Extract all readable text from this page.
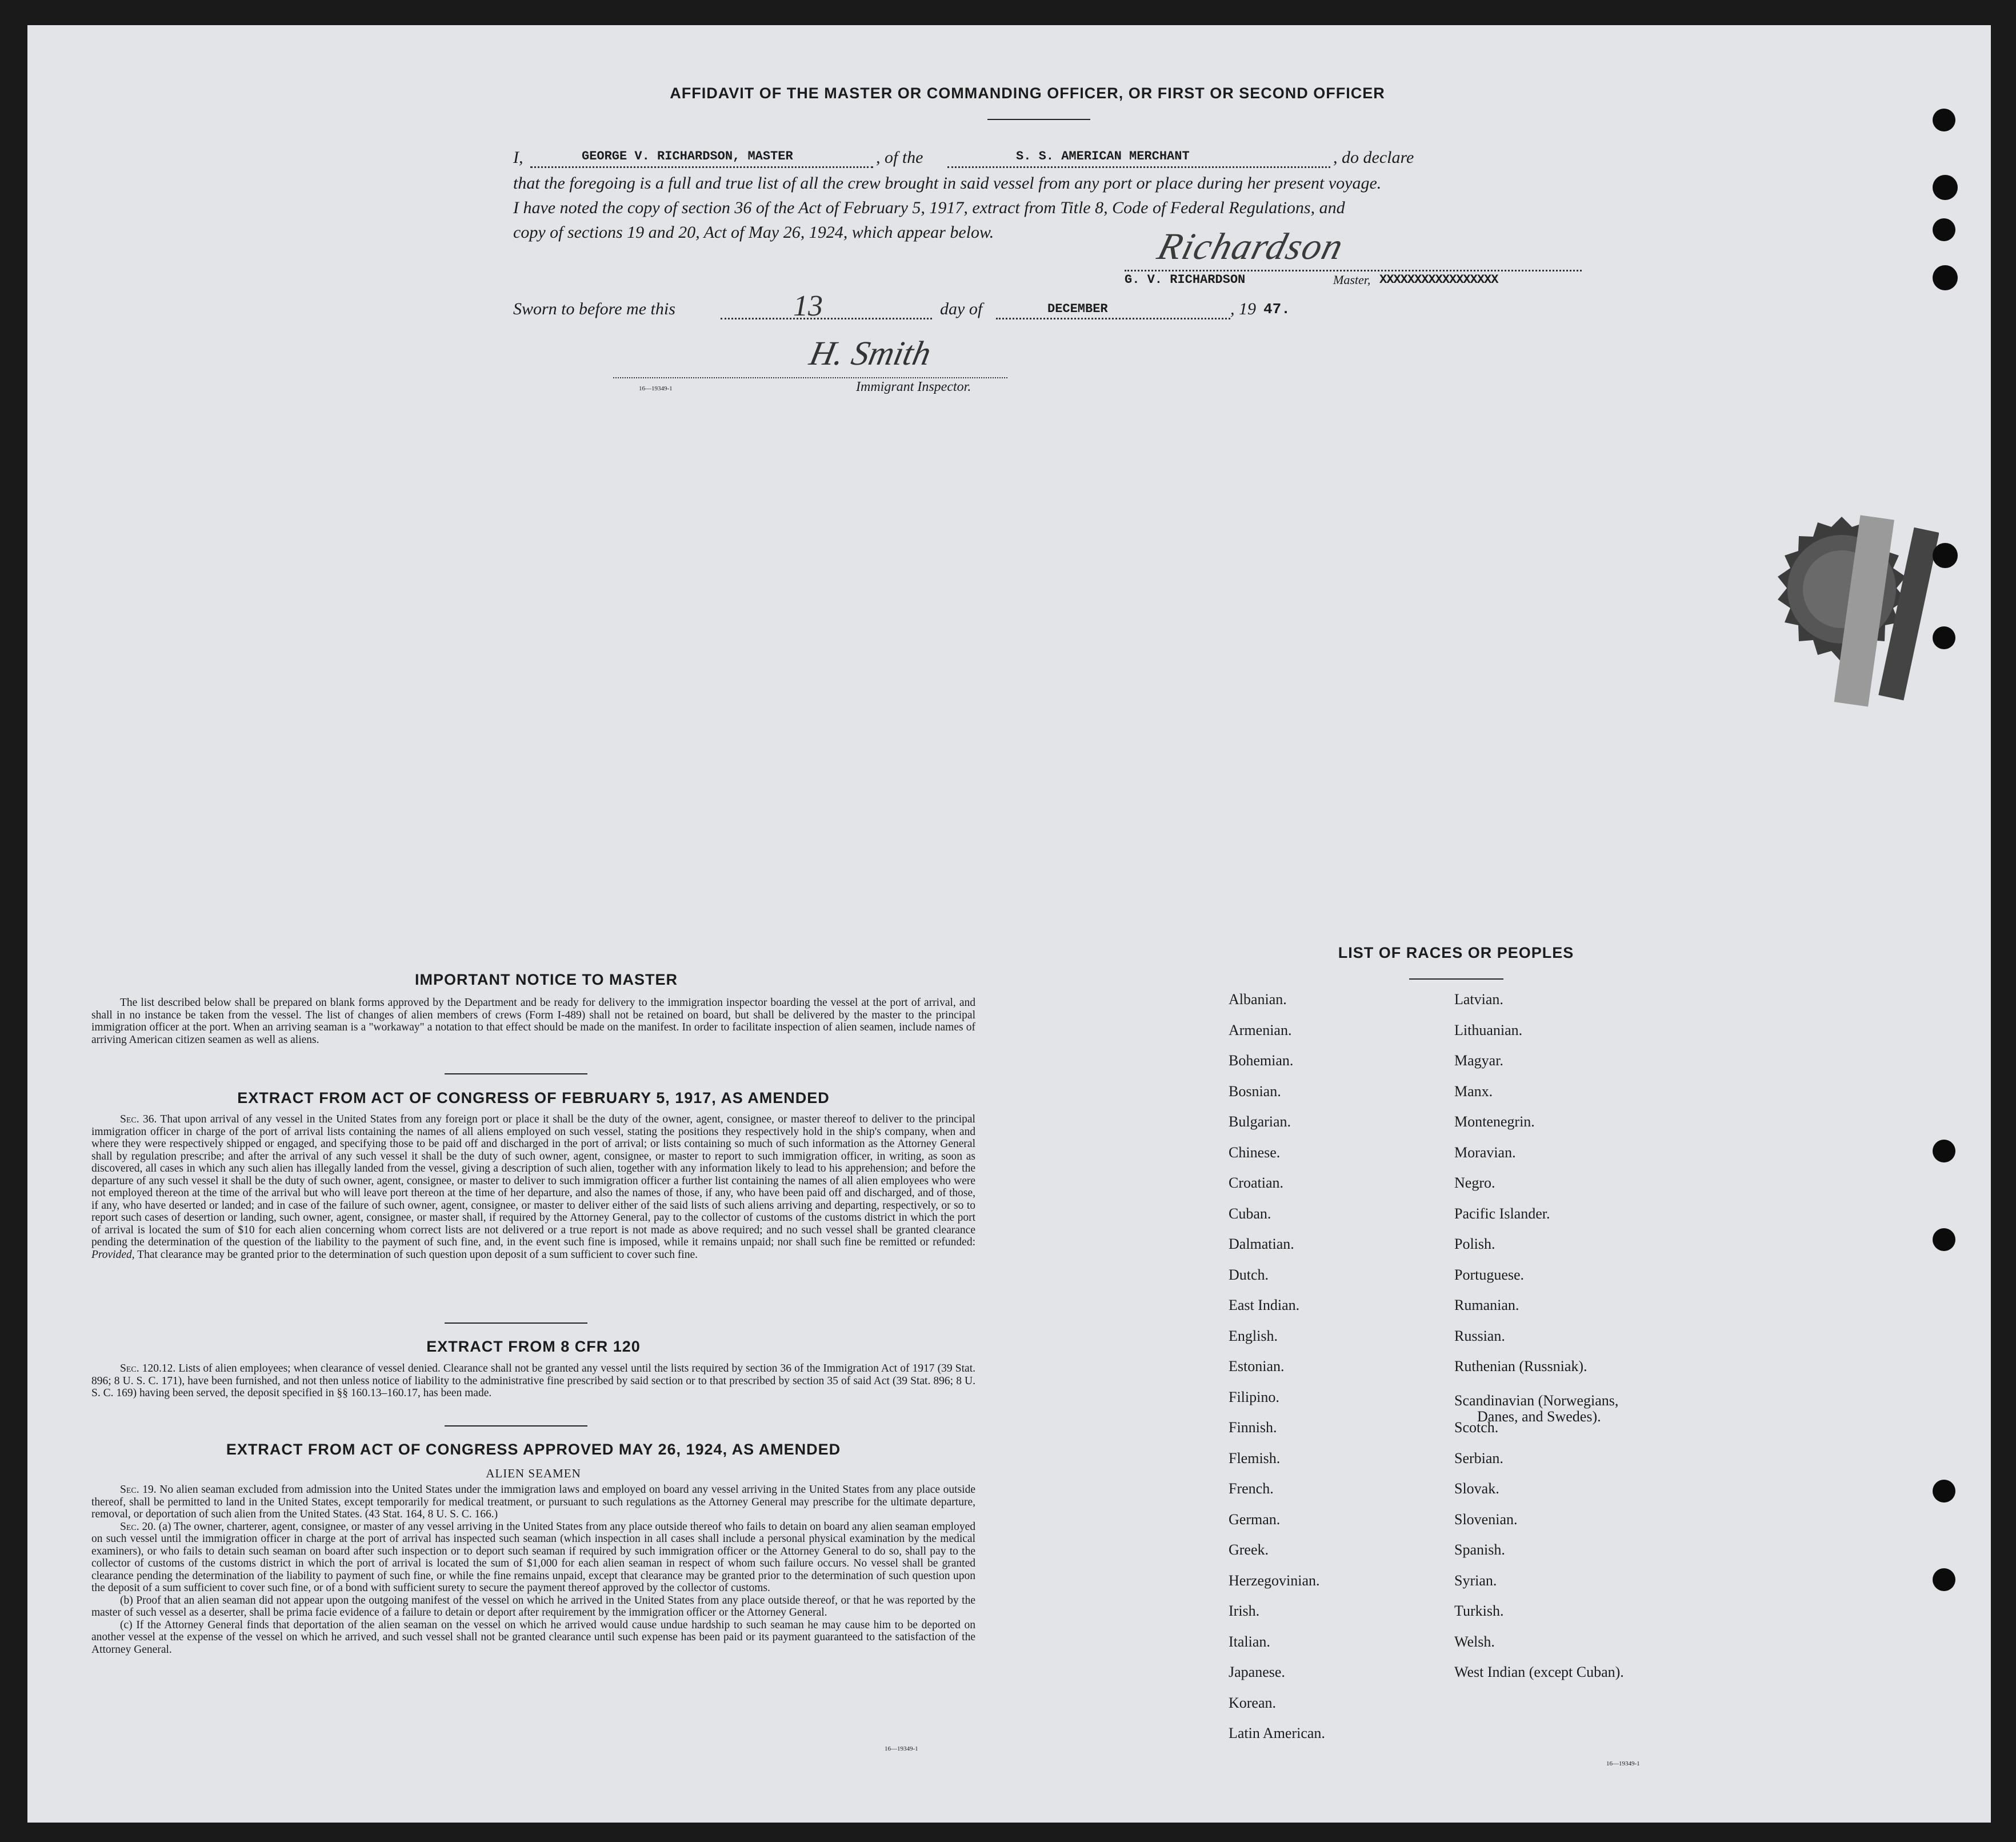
AFFIDAVIT OF THE MASTER OR COMMANDING OFFICER, OR FIRST OR SECOND OFFICER
I,	GEORGE V. RICHARDSON, MASTER	, of the	S. S. AMERICAN MERCHANT	, do declare
that the foregoing is a full and true list of all the crew brought in said vessel from any port or place during her present voyage.
I have noted the copy of section 36 of the Act of February 5, 1917, extract from Title 8, Code of Federal Regulations, and
copy of sections 19 and 20, Act of May 26, 1924, which appear below.	Richardson
G. V. RICHARDSON	Master, XXXXXXXXXXXXXXXXX
Sworn to before me this	13	day of	DECEMBER	, 19 47.
H. Smith
Immigrant Inspector.
16—19349-1
IMPORTANT NOTICE TO MASTER
The list described below shall be prepared on blank forms approved by the Department and be ready for delivery to the immigration inspector boarding the vessel at the port of arrival, and shall in no instance be taken from the vessel. The list of changes of alien members of crews (Form I-489) shall not be retained on board, but shall be delivered by the master to the principal immigration officer at the port. When an arriving seaman is a "workaway" a notation to that effect should be made on the manifest. In order to facilitate inspection of alien seamen, include names of arriving American citizen seamen as well as aliens.
EXTRACT FROM ACT OF CONGRESS OF FEBRUARY 5, 1917, AS AMENDED
Sec. 36. That upon arrival of any vessel in the United States from any foreign port or place it shall be the duty of the owner, agent, consignee, or master thereof to deliver to the principal immigration officer in charge of the port of arrival lists containing the names of all aliens employed on such vessel, stating the positions they respectively hold in the ship's company, when and where they were respectively shipped or engaged, and specifying those to be paid off and discharged in the port of arrival; or lists containing so much of such information as the Attorney General shall by regulation prescribe; and after the arrival of any such vessel it shall be the duty of such owner, agent, consignee, or master to report to such immigration officer, in writing, as soon as discovered, all cases in which any such alien has illegally landed from the vessel, giving a description of such alien, together with any information likely to lead to his apprehension; and before the departure of any such vessel it shall be the duty of such owner, agent, consignee, or master to deliver to such immigration officer a further list containing the names of all alien employees who were not employed thereon at the time of the arrival but who will leave port thereon at the time of her departure, and also the names of those, if any, who have been paid off and discharged, and of those, if any, who have deserted or landed; and in case of the failure of such owner, agent, consignee, or master to deliver either of the said lists of such aliens arriving and departing, respectively, or so to report such cases of desertion or landing, such owner, agent, consignee, or master shall, if required by the Attorney General, pay to the collector of customs of the customs district in which the port of arrival is located the sum of $10 for each alien concerning whom correct lists are not delivered or a true report is not made as above required; and no such vessel shall be granted clearance pending the determination of the question of the liability to the payment of such fine, and, in the event such fine is imposed, while it remains unpaid; nor shall such fine be remitted or refunded: Provided, That clearance may be granted prior to the determination of such question upon deposit of a sum sufficient to cover such fine.
EXTRACT FROM 8 CFR 120
Sec. 120.12. Lists of alien employees; when clearance of vessel denied. Clearance shall not be granted any vessel until the lists required by section 36 of the Immigration Act of 1917 (39 Stat. 896; 8 U. S. C. 171), have been furnished, and not then unless notice of liability to the administrative fine prescribed by said section or to that prescribed by section 35 of said Act (39 Stat. 896; 8 U. S. C. 169) having been served, the deposit specified in §§ 160.13–160.17, has been made.
EXTRACT FROM ACT OF CONGRESS APPROVED MAY 26, 1924, AS AMENDED
ALIEN SEAMEN
Sec. 19. No alien seaman excluded from admission into the United States under the immigration laws and employed on board any vessel arriving in the United States from any place outside thereof, shall be permitted to land in the United States, except temporarily for medical treatment, or pursuant to such regulations as the Attorney General may prescribe for the ultimate departure, removal, or deportation of such alien from the United States. (43 Stat. 164, 8 U. S. C. 166.)
Sec. 20. (a) The owner, charterer, agent, consignee, or master of any vessel arriving in the United States from any place outside thereof who fails to detain on board any alien seaman employed on such vessel until the immigration officer in charge at the port of arrival has inspected such seaman (which inspection in all cases shall include a personal physical examination by the medical examiners), or who fails to detain such seaman on board after such inspection or to deport such seaman if required by such immigration officer or the Attorney General to do so, shall pay to the collector of customs of the customs district in which the port of arrival is located the sum of $1,000 for each alien seaman in respect of whom such failure occurs. No vessel shall be granted clearance pending the determination of the liability to payment of such fine, or while the fine remains unpaid, except that clearance may be granted prior to the determination of such question upon the deposit of a sum sufficient to cover such fine, or of a bond with sufficient surety to secure the payment thereof approved by the collector of customs.
(b) Proof that an alien seaman did not appear upon the outgoing manifest of the vessel on which he arrived in the United States from any place outside thereof, or that he was reported by the master of such vessel as a deserter, shall be prima facie evidence of a failure to detain or deport after requirement by the immigration officer or the Attorney General.
(c) If the Attorney General finds that deportation of the alien seaman on the vessel on which he arrived would cause undue hardship to such seaman he may cause him to be deported on another vessel at the expense of the vessel on which he arrived, and such vessel shall not be granted clearance until such expense has been paid or its payment guaranteed to the satisfaction of the Attorney General.
16—19349-1
LIST OF RACES OR PEOPLES
Albanian.
Armenian.
Bohemian.
Bosnian.
Bulgarian.
Chinese.
Croatian.
Cuban.
Dalmatian.
Dutch.
East Indian.
English.
Estonian.
Filipino.
Finnish.
Flemish.
French.
German.
Greek.
Herzegovinian.
Irish.
Italian.
Japanese.
Korean.
Latin American.
Latvian.
Lithuanian.
Magyar.
Manx.
Montenegrin.
Moravian.
Negro.
Pacific Islander.
Polish.
Portuguese.
Rumanian.
Russian.
Ruthenian (Russniak).
Scandinavian (Norwegians,
Danes, and Swedes).
Scotch.
Serbian.
Slovak.
Slovenian.
Spanish.
Syrian.
Turkish.
Welsh.
West Indian (except Cuban).
16—19349-1
